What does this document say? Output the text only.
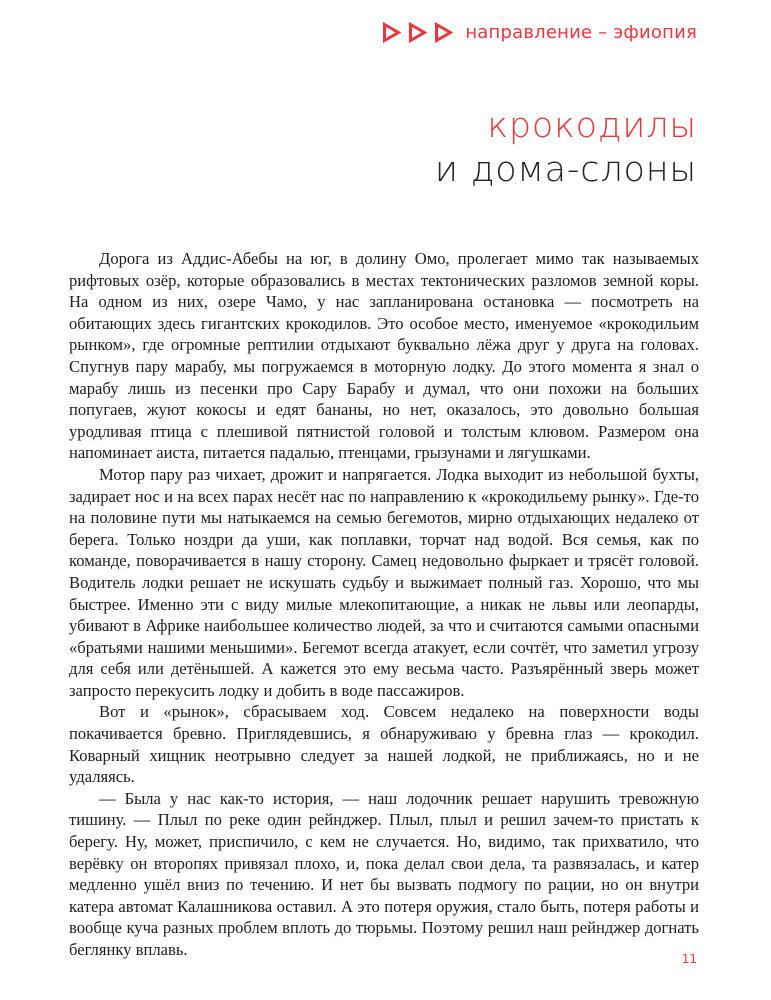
направление – эфиопия
крокодилы
и дома-слоны

Дорога из Аддис-Абебы на юг, в долину Омо, пролегает мимо так называемых рифтовых озёр, которые образовались в местах тектонических разломов земной коры. На одном из них, озере Чамо, у нас запланирована остановка — посмотреть на обитающих здесь гигантских крокодилов. Это особое место, именуемое «крокодильим рынком», где огромные рептилии отдыхают буквально лёжа друг у друга на головах. Спугнув пару марабу, мы погружаемся в моторную лодку. До этого момента я знал о марабу лишь из песенки про Сару Барабу и думал, что они похожи на больших попугаев, жуют кокосы и едят бананы, но нет, оказалось, это довольно большая уродливая птица с плешивой пятнистой головой и толстым клювом. Размером она напоминает аиста, питается падалью, птенцами, грызунами и лягушками.

Мотор пару раз чихает, дрожит и напрягается. Лодка выходит из небольшой бухты, задирает нос и на всех парах несёт нас по направлению к «крокодильему рынку». Где-то на половине пути мы натыкаемся на семью бегемотов, мирно отдыхающих недалеко от берега. Только ноздри да уши, как поплавки, торчат над водой. Вся семья, как по команде, поворачивается в нашу сторону. Самец недовольно фыркает и трясёт головой. Водитель лодки решает не искушать судьбу и выжимает полный газ. Хорошо, что мы быстрее. Именно эти с виду милые млекопитающие, а никак не львы или леопарды, убивают в Африке наибольшее количество людей, за что и считаются самыми опасными «братьями нашими меньшими». Бегемот всегда атакует, если сочтёт, что заметил угрозу для себя или детёнышей. А кажется это ему весьма часто. Разъярённый зверь может запросто перекусить лодку и добить в воде пассажиров.

Вот и «рынок», сбрасываем ход. Совсем недалеко на поверхности воды покачивается бревно. Приглядевшись, я обнаруживаю у бревна глаз — крокодил. Коварный хищник неотрывно следует за нашей лодкой, не приближаясь, но и не удаляясь.

— Была у нас как-то история, — наш лодочник решает нарушить тревожную тишину. — Плыл по реке один рейнджер. Плыл, плыл и решил зачем-то пристать к берегу. Ну, может, приспичило, с кем не случается. Но, видимо, так прихватило, что верёвку он второпях привязал плохо, и, пока делал свои дела, та развязалась, и катер медленно ушёл вниз по течению. И нет бы вызвать подмогу по рации, но он внутри катера автомат Калашникова оставил. А это потеря оружия, стало быть, потеря работы и вообще куча разных проблем вплоть до тюрьмы. Поэтому решил наш рейнджер догнать беглянку вплавь.	11
